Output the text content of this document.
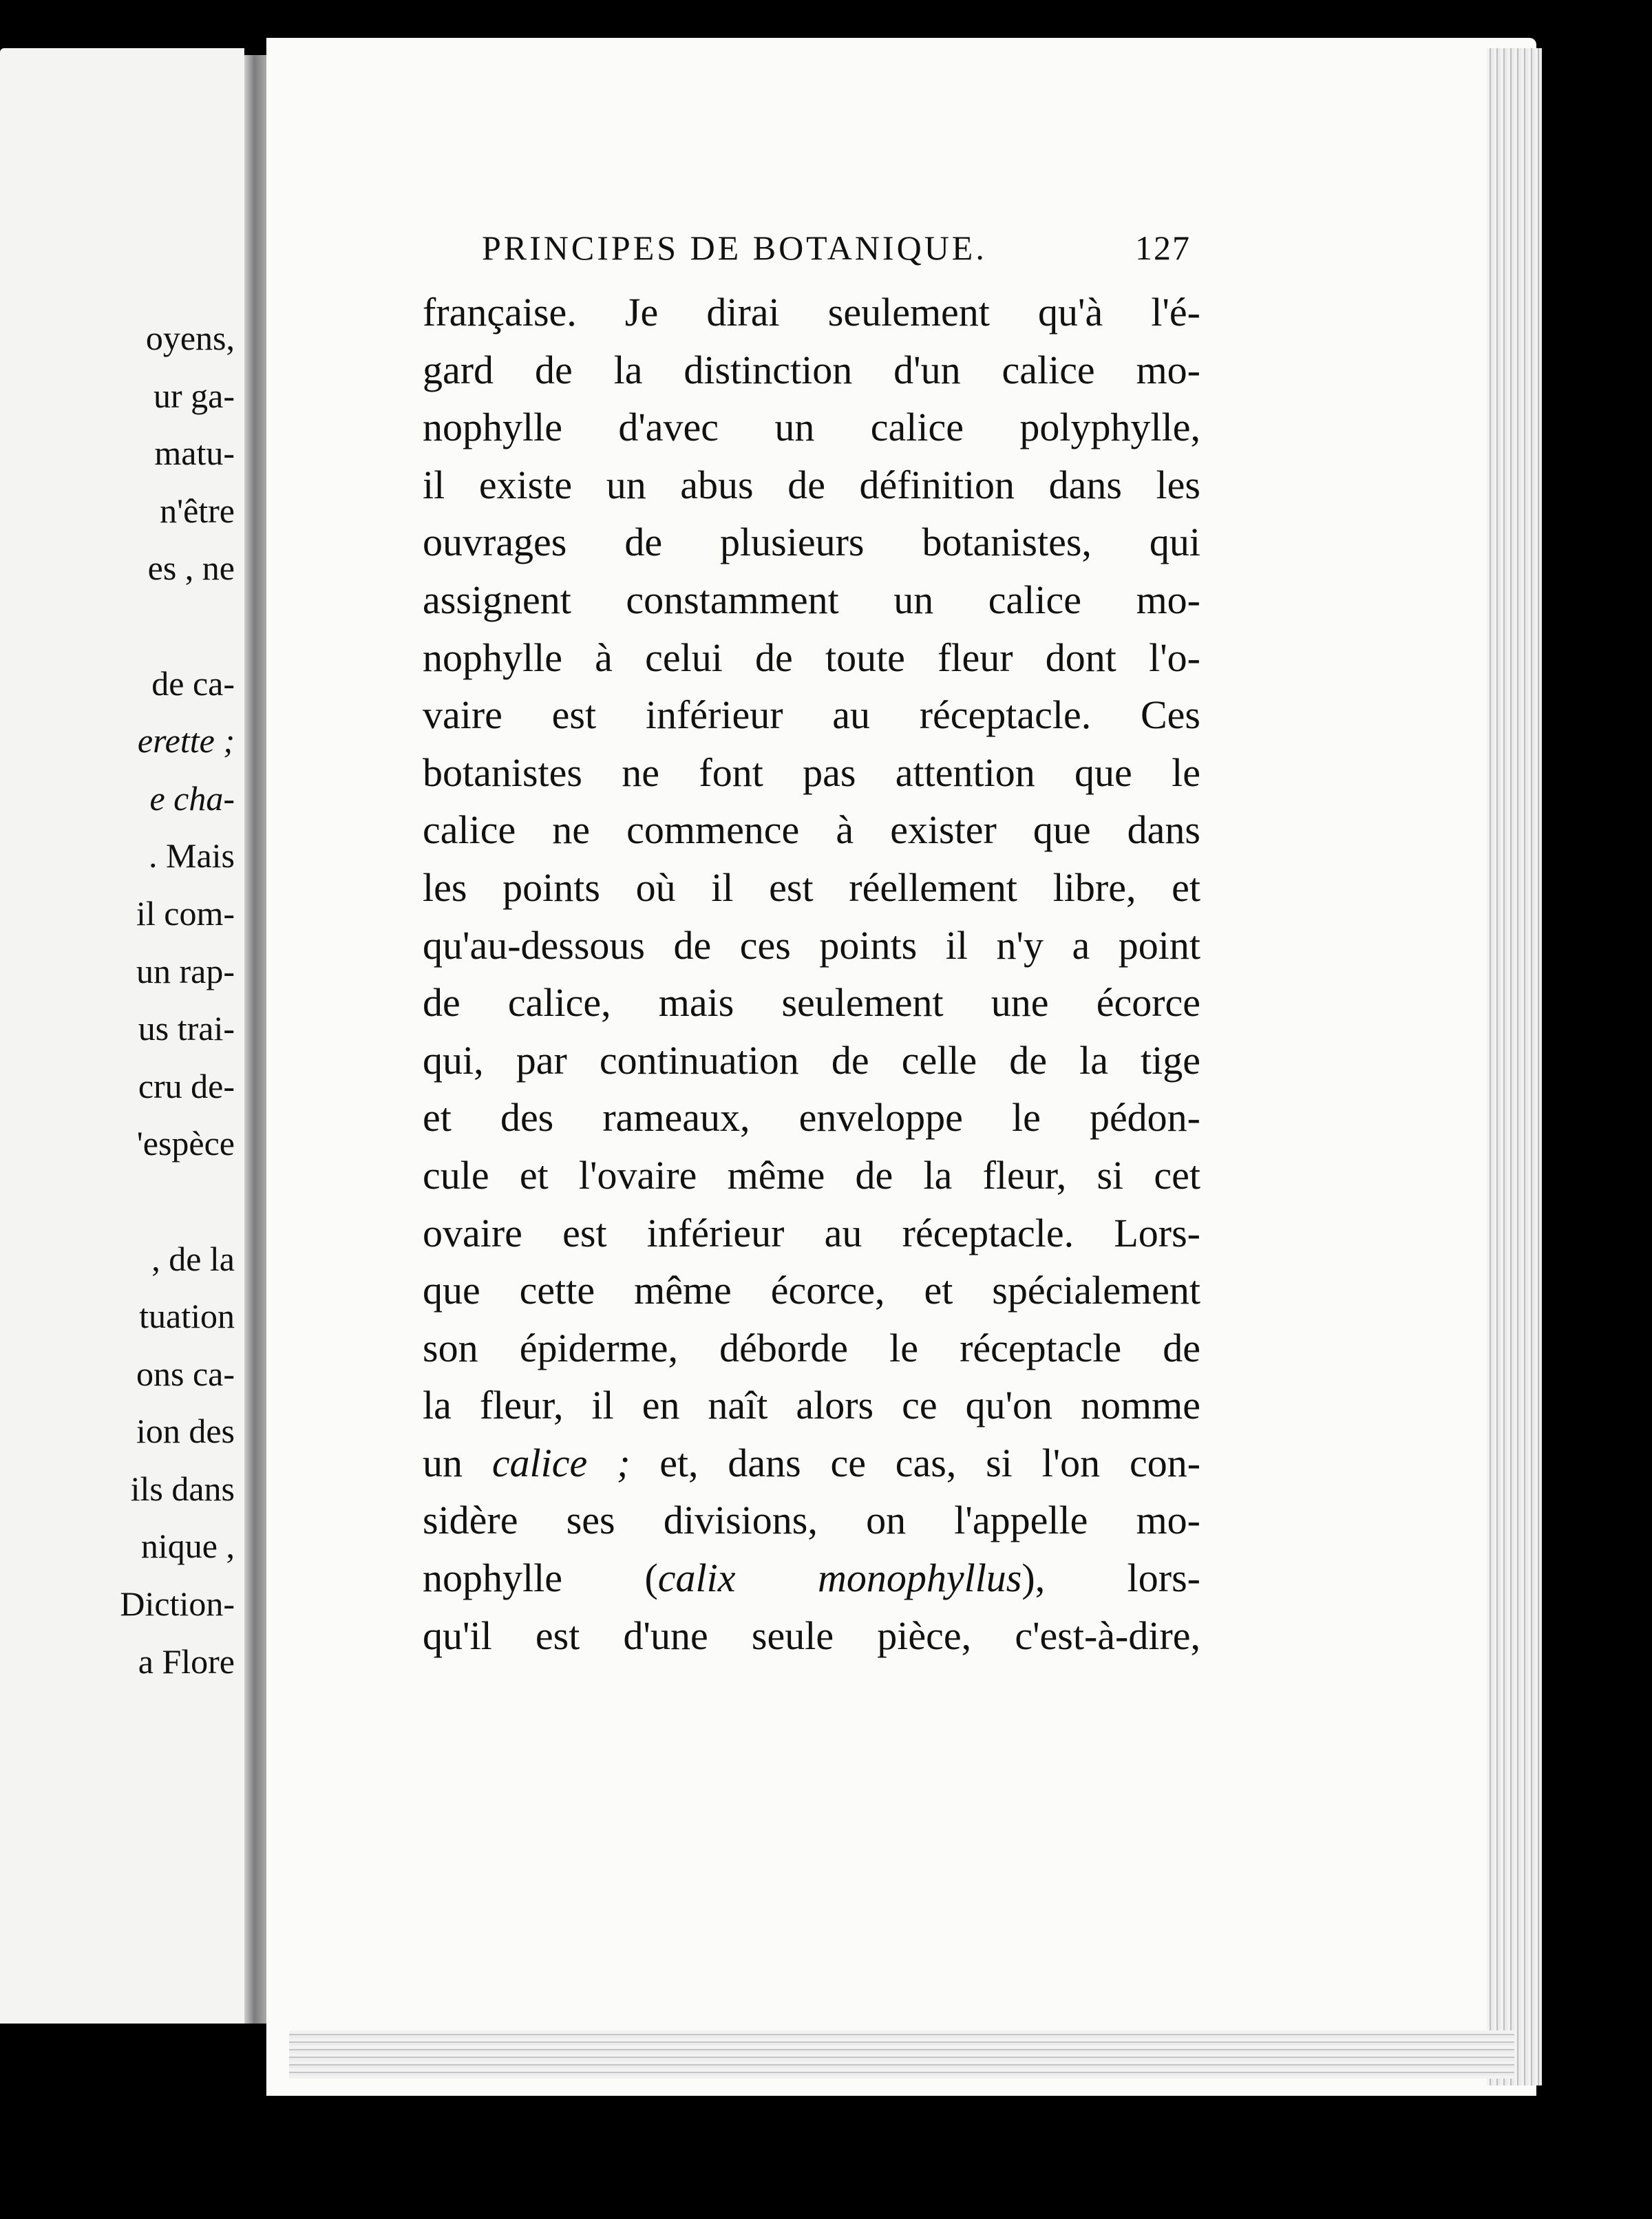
oyens,
ur ga-
matu-
n'être
es , ne
de ca-
erette ;
e cha-
. Mais
il com-
un rap-
us trai-
cru de-
'espèce
, de la
tuation
ons ca-
ion des
ils dans
nique ,
Diction-
a Flore
PRINCIPES DE BOTANIQUE.	127
française. Je dirai seulement qu'à l'é-
gard de la distinction d'un calice mo-
nophylle d'avec un calice polyphylle,
il existe un abus de définition dans les
ouvrages de plusieurs botanistes, qui
assignent constamment un calice mo-
nophylle à celui de toute fleur dont l'o-
vaire est inférieur au réceptacle. Ces
botanistes ne font pas attention que le
calice ne commence à exister que dans
les points où il est réellement libre, et
qu'au-dessous de ces points il n'y a point
de calice, mais seulement une écorce
qui, par continuation de celle de la tige
et des rameaux, enveloppe le pédon-
cule et l'ovaire même de la fleur, si cet
ovaire est inférieur au réceptacle. Lors-
que cette même écorce, et spécialement
son épiderme, déborde le réceptacle de
la fleur, il en naît alors ce qu'on nomme
un calice ; et, dans ce cas, si l'on con-
sidère ses divisions, on l'appelle mo-
nophylle (calix monophyllus), lors-
qu'il est d'une seule pièce, c'est-à-dire,
